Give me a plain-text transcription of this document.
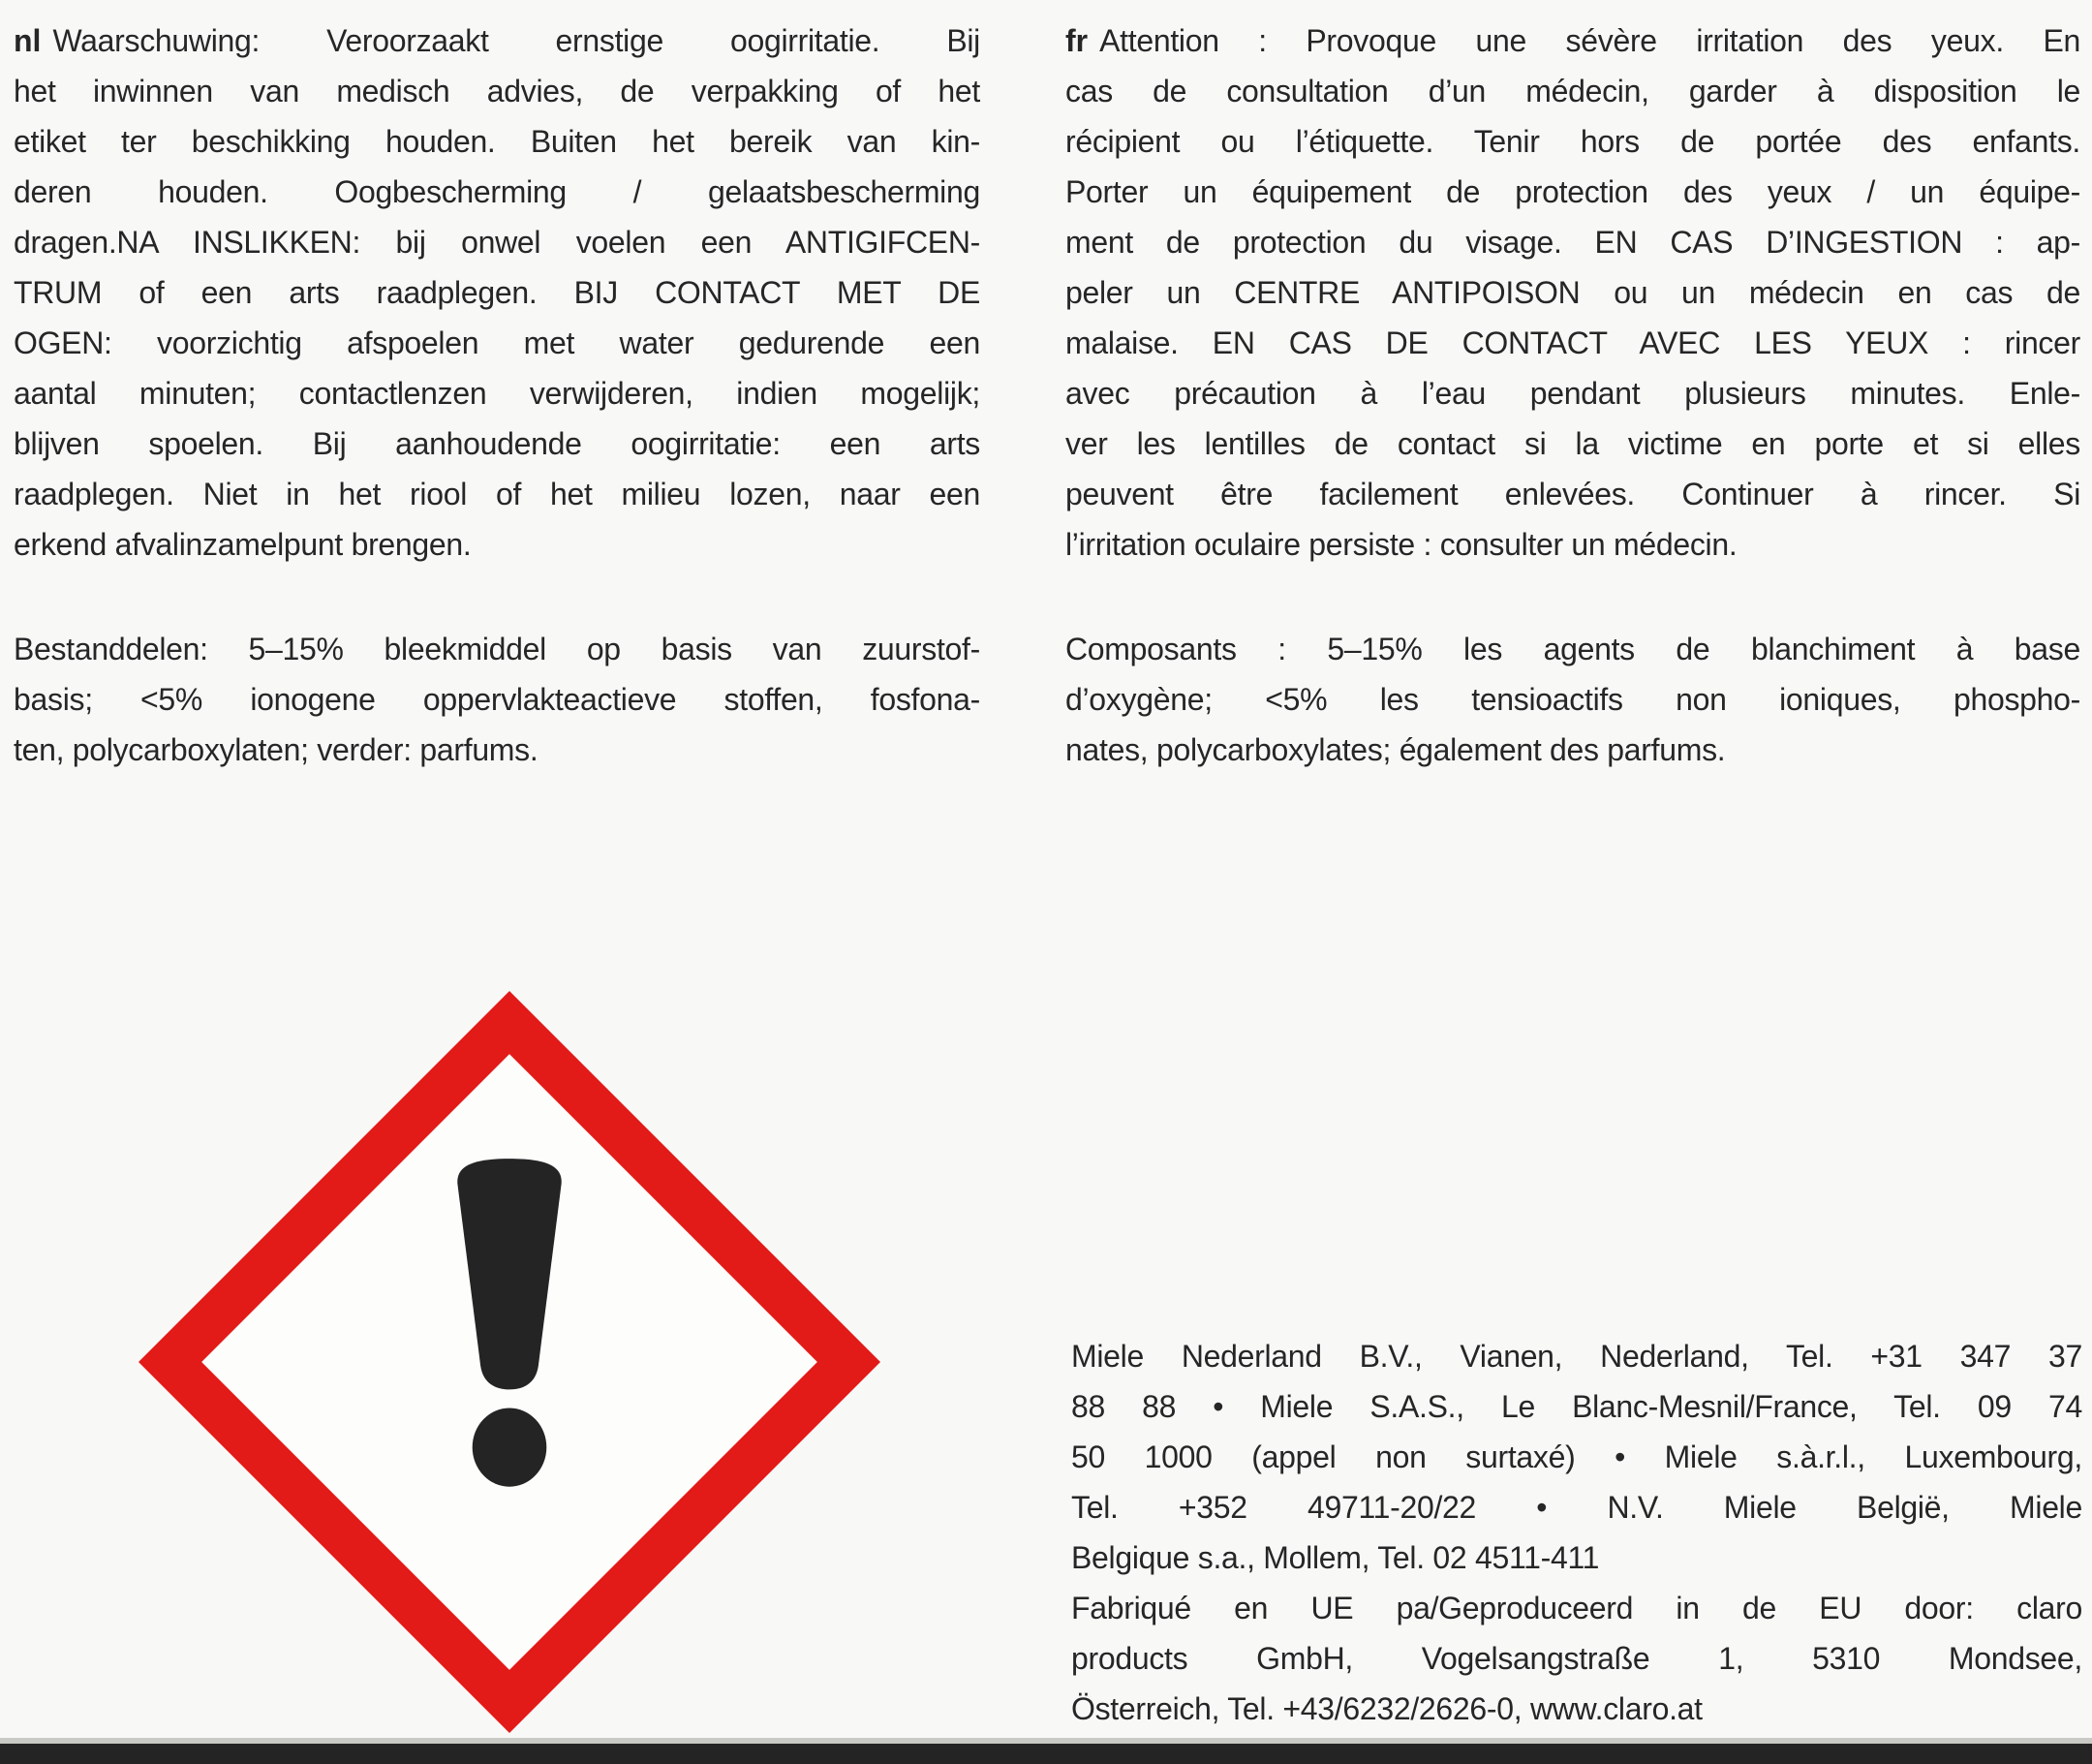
nl Waarschuwing: Veroorzaakt ernstige oogirritatie. Bij
het inwinnen van medisch advies, de verpakking of het
etiket ter beschikking houden. Buiten het bereik van kin-
deren houden. Oogbescherming / gelaatsbescherming
dragen.NA INSLIKKEN: bij onwel voelen een ANTIGIFCEN-
TRUM of een arts raadplegen. BIJ CONTACT MET DE
OGEN: voorzichtig afspoelen met water gedurende een
aantal minuten; contactlenzen verwijderen, indien mogelijk;
blijven spoelen. Bij aanhoudende oogirritatie: een arts
raadplegen. Niet in het riool of het milieu lozen, naar een
erkend afvalinzamelpunt brengen.
Bestanddelen: 5–15% bleekmiddel op basis van zuurstof-
basis; <5% ionogene oppervlakteactieve stoffen, fosfona-
ten, polycarboxylaten; verder: parfums.
fr Attention : Provoque une sévère irritation des yeux. En
cas de consultation d’un médecin, garder à disposition le
récipient ou l’étiquette. Tenir hors de portée des enfants.
Porter un équipement de protection des yeux / un équipe-
ment de protection du visage. EN CAS D’INGESTION : ap-
peler un CENTRE ANTIPOISON ou un médecin en cas de
malaise. EN CAS DE CONTACT AVEC LES YEUX : rincer
avec précaution à l’eau pendant plusieurs minutes. Enle-
ver les lentilles de contact si la victime en porte et si elles
peuvent être facilement enlevées. Continuer à rincer. Si
l’irritation oculaire persiste : consulter un médecin.
Composants : 5–15% les agents de blanchiment à base
d’oxygène; <5% les tensioactifs non ioniques, phospho-
nates, polycarboxylates; également des parfums.
Miele Nederland B.V., Vianen, Nederland, Tel. +31 347 37
88 88 • Miele S.A.S., Le Blanc-Mesnil/France, Tel. 09 74
50 1000 (appel non surtaxé) • Miele s.à.r.l., Luxembourg,
Tel. +352 49711-20/22 • N.V. Miele België, Miele
Belgique s.a., Mollem, Tel. 02 4511-411
Fabriqué en UE pa/Geproduceerd in de EU door: claro
products GmbH, Vogelsangstraße 1, 5310 Mondsee,
Österreich, Tel. +43/6232/2626-0, www.claro.at
